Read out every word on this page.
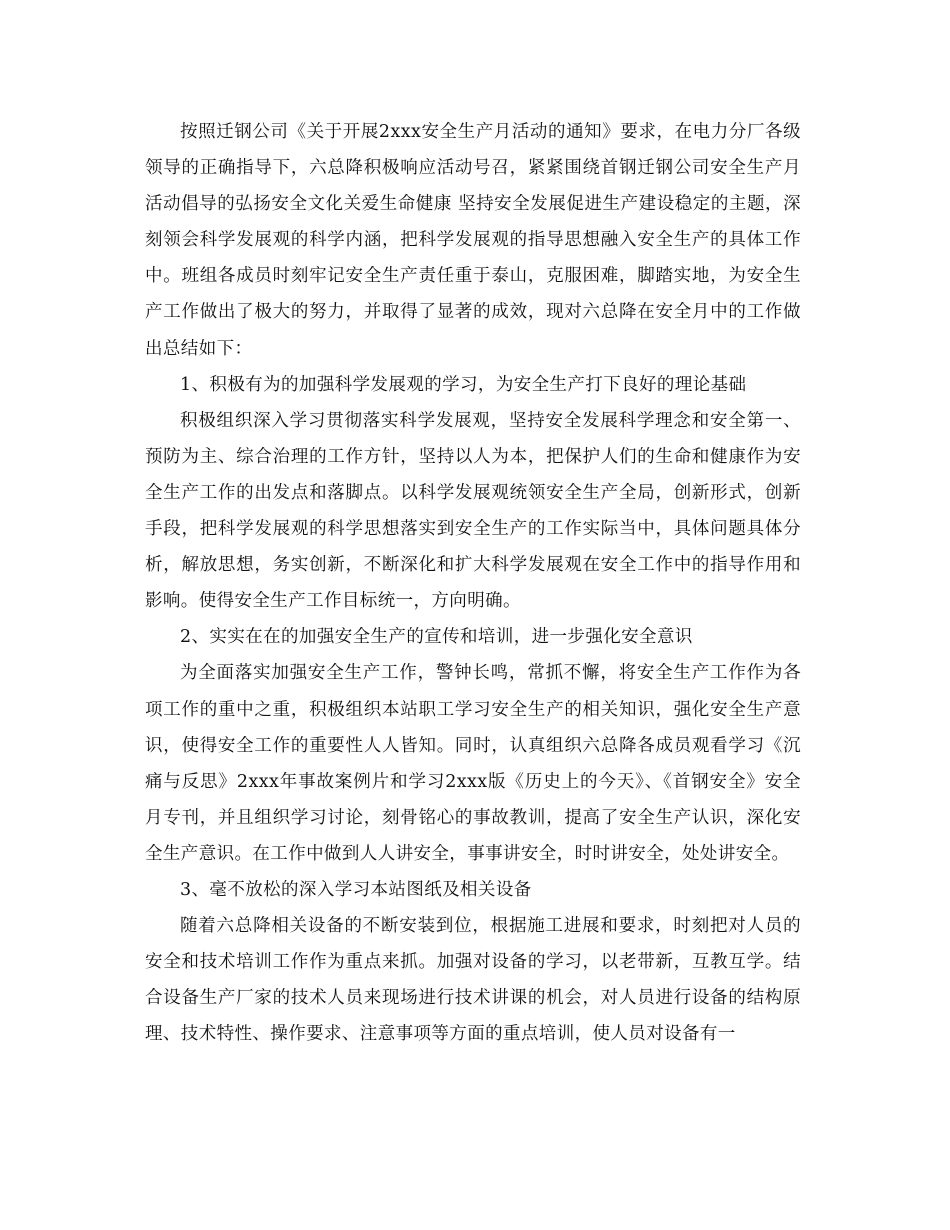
按照迁钢公司《关于开展2xxx安全生产月活动的通知》要求，在电力分厂各级领导的正确指导下，六总降积极响应活动号召，紧紧围绕首钢迁钢公司安全生产月活动倡导的弘扬安全文化关爱生命健康 坚持安全发展促进生产建设稳定的主题，深刻领会科学发展观的科学内涵，把科学发展观的指导思想融入安全生产的具体工作中。班组各成员时刻牢记安全生产责任重于泰山，克服困难，脚踏实地，为安全生产工作做出了极大的努力，并取得了显著的成效，现对六总降在安全月中的工作做出总结如下：

1、积极有为的加强科学发展观的学习，为安全生产打下良好的理论基础

积极组织深入学习贯彻落实科学发展观，坚持安全发展科学理念和安全第一、预防为主、综合治理的工作方针，坚持以人为本，把保护人们的生命和健康作为安全生产工作的出发点和落脚点。以科学发展观统领安全生产全局，创新形式，创新手段，把科学发展观的科学思想落实到安全生产的工作实际当中，具体问题具体分析，解放思想，务实创新，不断深化和扩大科学发展观在安全工作中的指导作用和影响。使得安全生产工作目标统一，方向明确。

2、实实在在的加强安全生产的宣传和培训，进一步强化安全意识

为全面落实加强安全生产工作，警钟长鸣，常抓不懈，将安全生产工作作为各项工作的重中之重，积极组织本站职工学习安全生产的相关知识，强化安全生产意识，使得安全工作的重要性人人皆知。同时，认真组织六总降各成员观看学习《沉痛与反思》2xxx年事故案例片和学习2xxx版《历史上的今天》、《首钢安全》安全月专刊，并且组织学习讨论，刻骨铭心的事故教训，提高了安全生产认识，深化安全生产意识。在工作中做到人人讲安全，事事讲安全，时时讲安全，处处讲安全。

3、毫不放松的深入学习本站图纸及相关设备

随着六总降相关设备的不断安装到位，根据施工进展和要求，时刻把对人员的安全和技术培训工作作为重点来抓。加强对设备的学习，以老带新，互教互学。结合设备生产厂家的技术人员来现场进行技术讲课的机会，对人员进行设备的结构原理、技术特性、操作要求、注意事项等方面的重点培训，使人员对设备有一
